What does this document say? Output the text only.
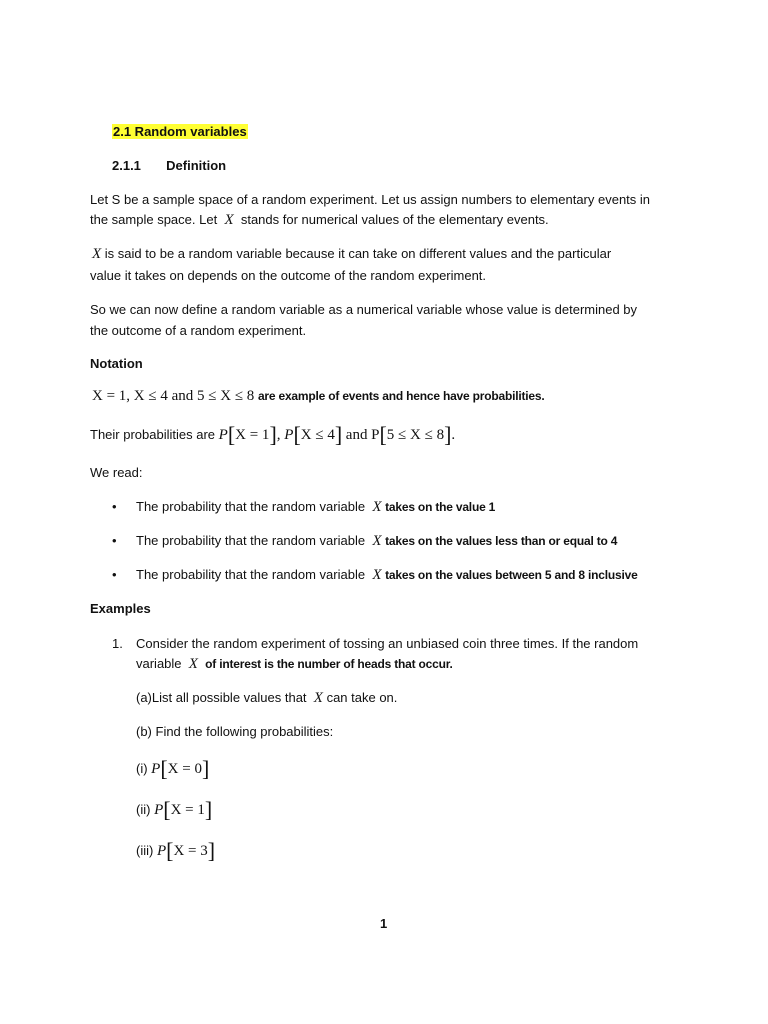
2.1 Random variables
2.1.1 Definition
Let S be a sample space of a random experiment. Let us assign numbers to elementary events in
the sample space. Let X stands for numerical values of the elementary events.
X is said to be a random variable because it can take on different values and the particular
value it takes on depends on the outcome of the random experiment.
So we can now define a random variable as a numerical variable whose value is determined by
the outcome of a random experiment.
Notation
X = 1, X ≤ 4 and 5 ≤ X ≤ 8 are example of events and hence have probabilities.
Their probabilities are P[X = 1], P[X ≤ 4] and P[5 ≤ X ≤ 8].
We read:
• The probability that the random variable X takes on the value 1
• The probability that the random variable X takes on the values less than or equal to 4
• The probability that the random variable X takes on the values between 5 and 8 inclusive
Examples
1. Consider the random experiment of tossing an unbiased coin three times. If the random
variable X of interest is the number of heads that occur.
(a)List all possible values that X can take on.
(b) Find the following probabilities:
(i) P[X = 0]
(ii) P[X = 1]
(iii) P[X = 3]
1
